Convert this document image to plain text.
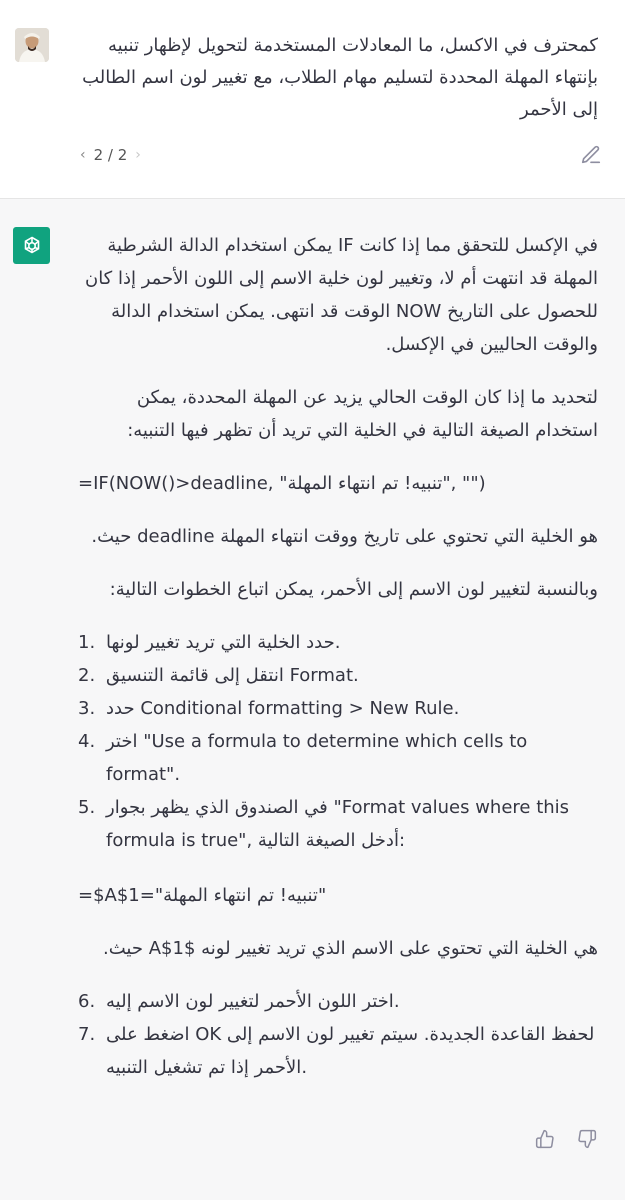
كمحترف في الاكسل، ما المعادلات المستخدمة لتحويل لإظهار تنبيه بإنتهاء المهلة المحددة لتسليم مهام الطلاب، مع تغيير لون اسم الطالب إلى الأحمر
‹ 2 / 2 ›

في الإكسل للتحقق مما إذا كانت IF يمكن استخدام الدالة الشرطية المهلة قد انتهت أم لا، وتغيير لون خلية الاسم إلى اللون الأحمر إذا كان للحصول على التاريخ NOW الوقت قد انتهى. يمكن استخدام الدالة والوقت الحاليين في الإكسل.

لتحديد ما إذا كان الوقت الحالي يزيد عن المهلة المحددة، يمكن استخدام الصيغة التالية في الخلية التي تريد أن تظهر فيها التنبيه:

=IF(NOW()>deadline, "تنبيه! تم انتهاء المهلة", "")

هو الخلية التي تحتوي على تاريخ ووقت انتهاء المهلة deadline حيث.

وبالنسبة لتغيير لون الاسم إلى الأحمر، يمكن اتباع الخطوات التالية:

1. حدد الخلية التي تريد تغيير لونها.
2. انتقل إلى قائمة التنسيق Format.
3. حدد Conditional formatting > New Rule.
4. اختر "Use a formula to determine which cells to format".
5. في الصندوق الذي يظهر بجوار "Format values where this formula is true", أدخل الصيغة التالية:

=$A$1="تنبيه! تم انتهاء المهلة"

هي الخلية التي تحتوي على الاسم الذي تريد تغيير لونه $A$1 حيث.

6. اختر اللون الأحمر لتغيير لون الاسم إليه.
7. اضغط على OK لحفظ القاعدة الجديدة. سيتم تغيير لون الاسم إلى الأحمر إذا تم تشغيل التنبيه.
